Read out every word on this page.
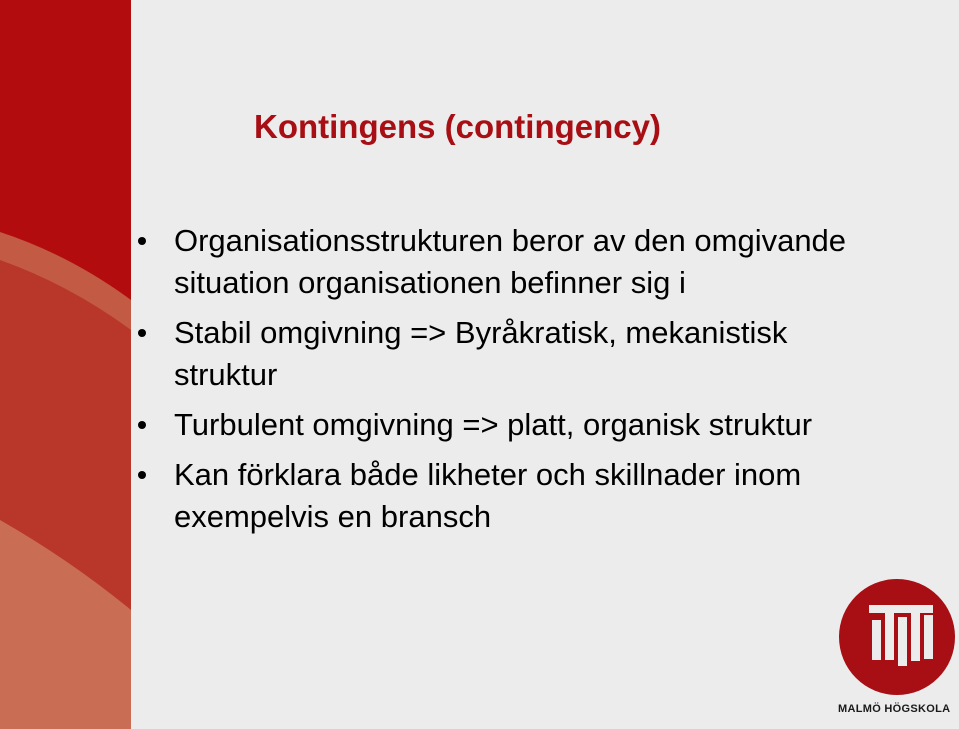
Kontingens (contingency)
Organisationsstrukturen beror av den omgivande situation organisationen befinner sig i
Stabil omgivning => Byråkratisk, mekanistisk struktur
Turbulent omgivning => platt, organisk struktur
Kan förklara både likheter och skillnader inom exempelvis en bransch
MALMÖ HÖGSKOLA
